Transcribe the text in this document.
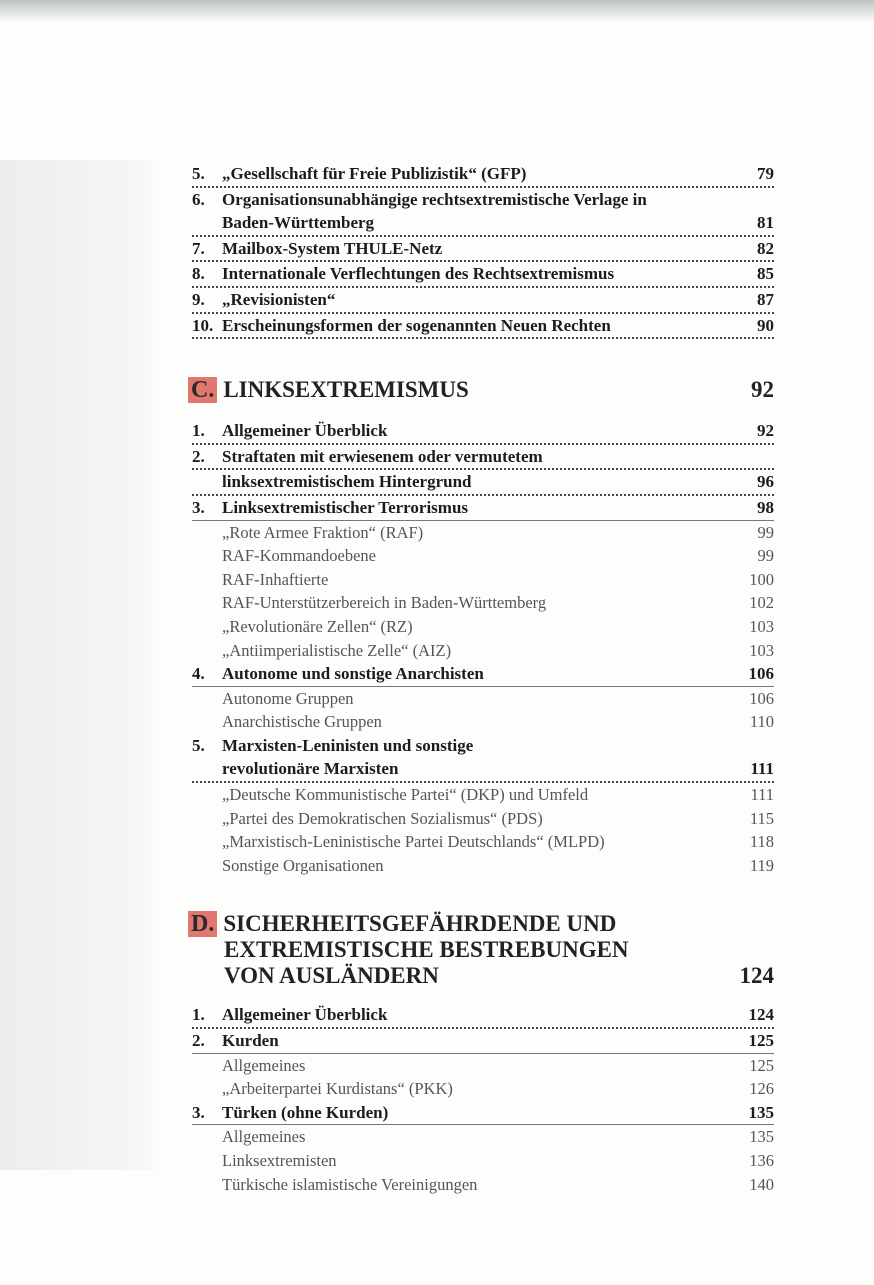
5.	„Gesellschaft für Freie Publizistik“ (GFP)	79
6.	Organisationsunabhängige rechtsextremistische Verlage in
Baden-Württemberg	81
7.	Mailbox-System THULE-Netz	82
8.	Internationale Verflechtungen des Rechtsextremismus	85
9.	„Revisionisten“	87
10. Erscheinungsformen der sogenannten Neuen Rechten	90
C. LINKSEXTREMISMUS	92
1.	Allgemeiner Überblick	92
2.	Straftaten mit erwiesenem oder vermutetem
linksextremistischem Hintergrund	96
3.	Linksextremistischer Terrorismus	98
„Rote Armee Fraktion“ (RAF)	99
RAF-Kommandoebene	99
RAF-Inhaftierte	100
RAF-Unterstützerbereich in Baden-Württemberg	102
„Revolutionäre Zellen“ (RZ)	103
„Antiimperialistische Zelle“ (AIZ)	103
4.	Autonome und sonstige Anarchisten	106
Autonome Gruppen	106
Anarchistische Gruppen	110
5.	Marxisten-Leninisten und sonstige
revolutionäre Marxisten	111
„Deutsche Kommunistische Partei“ (DKP) und Umfeld	111
„Partei des Demokratischen Sozialismus“ (PDS)	115
„Marxistisch-Leninistische Partei Deutschlands“ (MLPD)	118
Sonstige Organisationen	119
D. SICHERHEITSGEFÄHRDENDE UND
EXTREMISTISCHE BESTREBUNGEN
VON AUSLÄNDERN	124
1.	Allgemeiner Überblick	124
2.	Kurden	125
Allgemeines	125
„Arbeiterpartei Kurdistans“ (PKK)	126
3.	Türken (ohne Kurden)	135
Allgemeines	135
Linksextremisten	136
Türkische islamistische Vereinigungen	140
